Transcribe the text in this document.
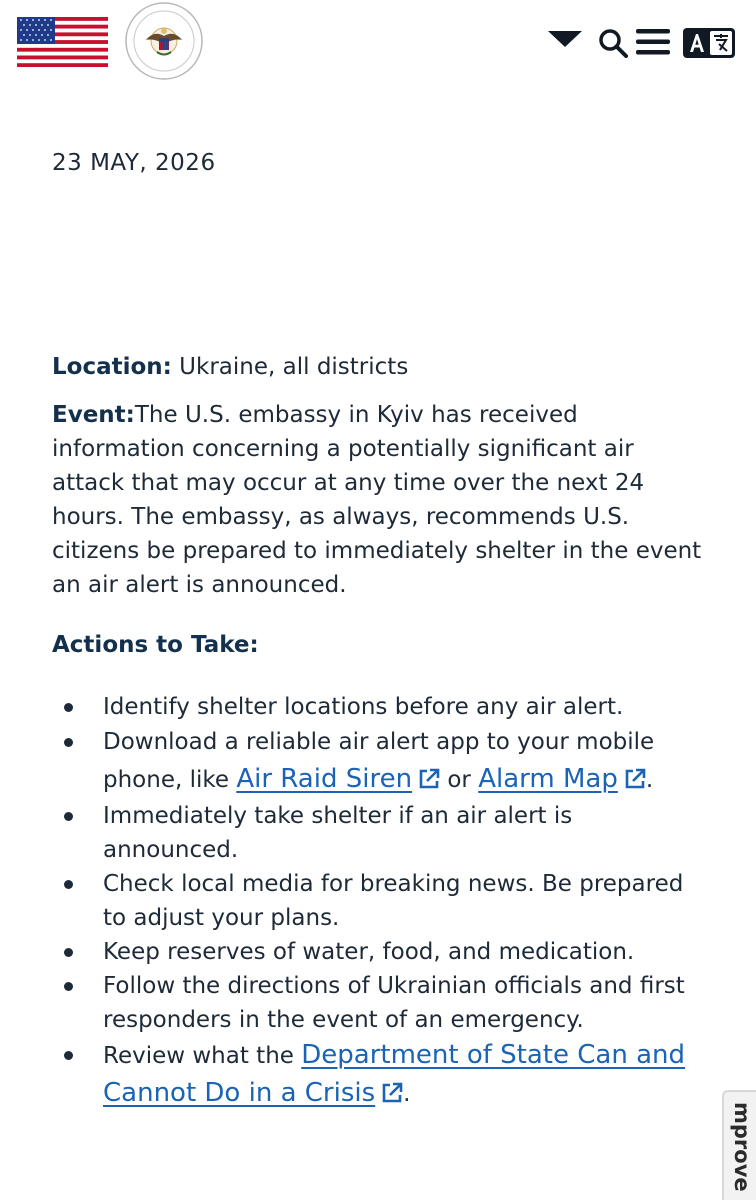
23 MAY, 2026

Location: Ukraine, all districts

Event:The U.S. embassy in Kyiv has received information concerning a potentially significant air attack that may occur at any time over the next 24 hours. The embassy, as always, recommends U.S. citizens be prepared to immediately shelter in the event an air alert is announced.

Actions to Take:

Identify shelter locations before any air alert.
Download a reliable air alert app to your mobile phone, like Air Raid Siren or Alarm Map .
Immediately take shelter if an air alert is announced.
Check local media for breaking news. Be prepared to adjust your plans.
Keep reserves of water, food, and medication.
Follow the directions of Ukrainian officials and first responders in the event of an emergency.
Review what the Department of State Can and Cannot Do in a Crisis .
mprove
